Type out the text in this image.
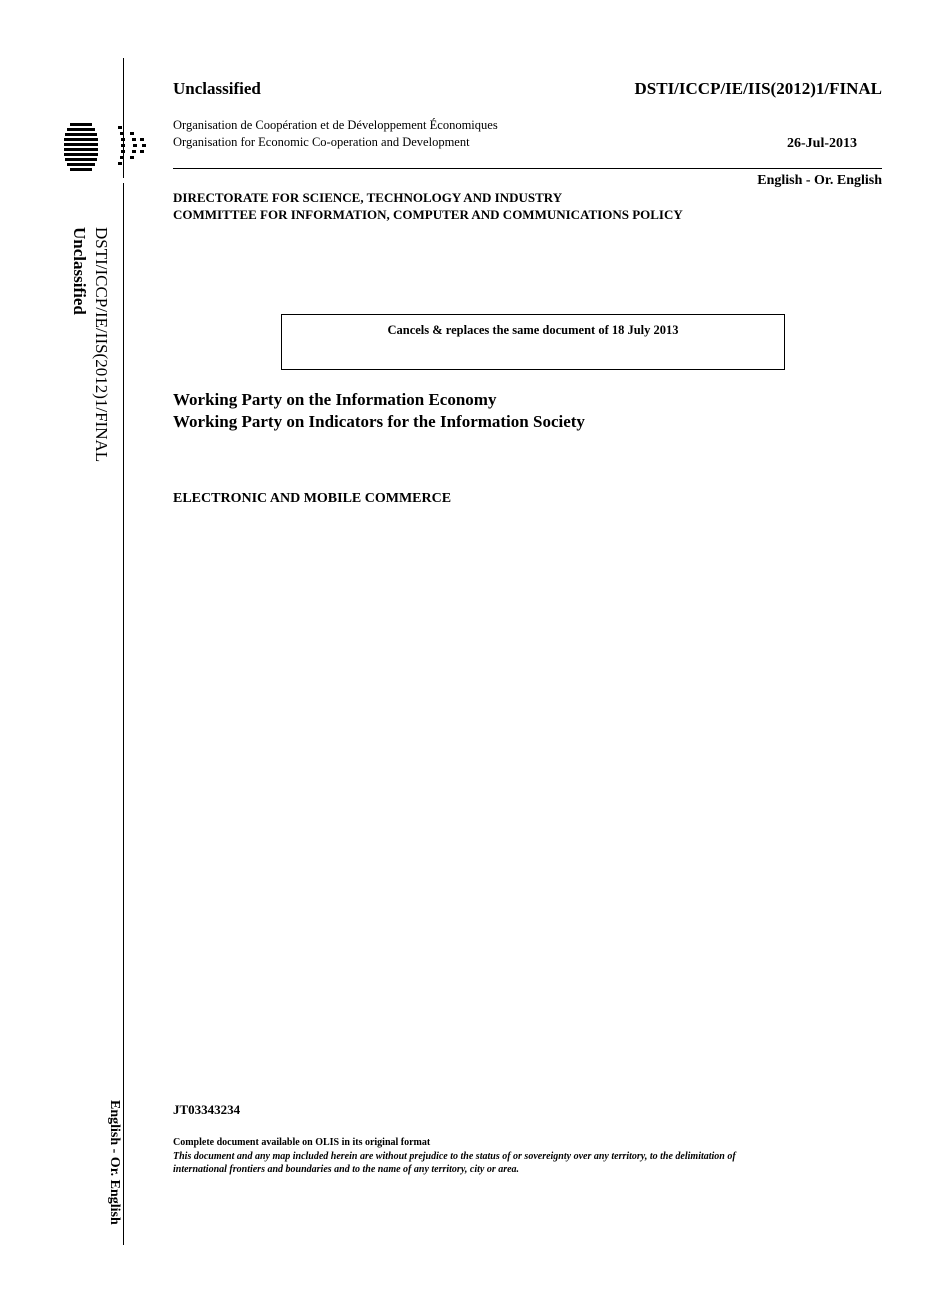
Unclassified	DSTI/ICCP/IE/IIS(2012)1/FINAL
Organisation de Coopération et de Développement Économiques
Organisation for Economic Co-operation and Development	26-Jul-2013
English - Or. English
DIRECTORATE FOR SCIENCE, TECHNOLOGY AND INDUSTRY
COMMITTEE FOR INFORMATION, COMPUTER AND COMMUNICATIONS POLICY
Cancels & replaces the same document of 18 July 2013
Working Party on the Information Economy
Working Party on Indicators for the Information Society
ELECTRONIC AND MOBILE COMMERCE
JT03343234
Complete document available on OLIS in its original format
This document and any map included herein are without prejudice to the status of or sovereignty over any territory, to the delimitation of
international frontiers and boundaries and to the name of any territory, city or area.
DSTI/ICCP/IE/IIS(2012)1/FINAL
Unclassified
English - Or. English
